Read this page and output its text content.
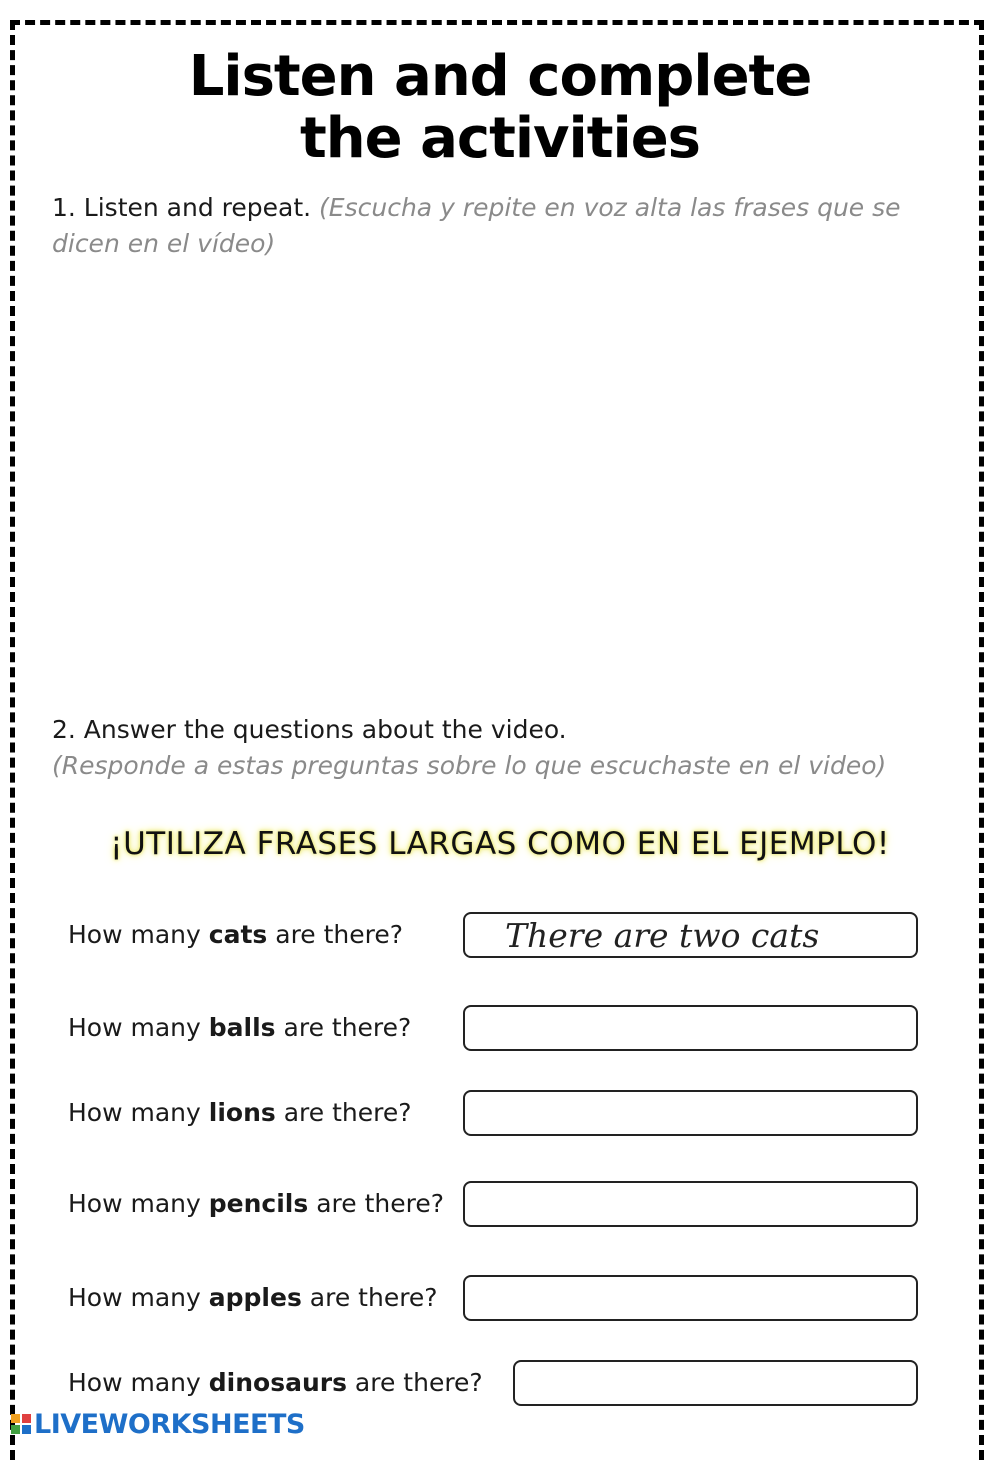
Listen and complete
the activities
1. Listen and repeat. (Escucha y repite en voz alta las frases que se dicen en el vídeo)
2. Answer the questions about the video.
(Responde a estas preguntas sobre lo que escuchaste en el video)
¡UTILIZA FRASES LARGAS COMO EN EL EJEMPLO!
How many cats are there?	There are two cats
How many balls are there?
How many lions are there?
How many pencils are there?
How many apples are there?
How many dinosaurs are there?
LIVEWORKSHEETS
